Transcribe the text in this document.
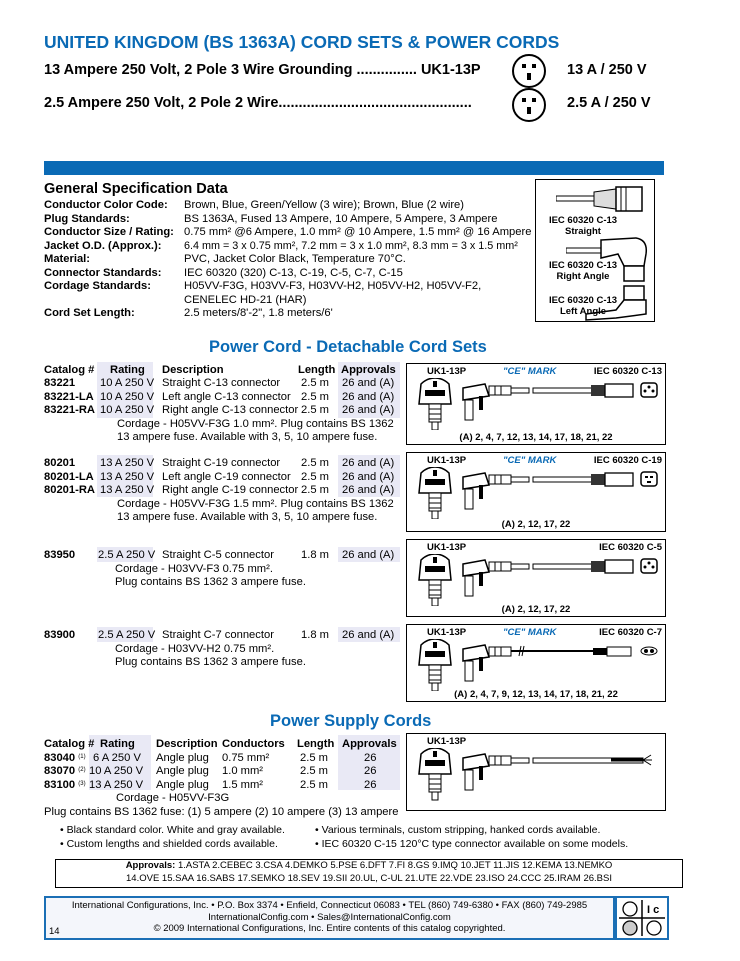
UNITED KINGDOM (BS 1363A) CORD SETS & POWER CORDS
13 Ampere 250 Volt, 2 Pole 3 Wire Grounding ............... UK1-13P	13 A / 250 V
2.5 Ampere 250 Volt, 2 Pole 2 Wire................................................	2.5 A / 250 V
General Specification Data
Conductor Color Code: Brown, Blue, Green/Yellow (3 wire); Brown, Blue (2 wire)
Plug Standards:	BS 1363A, Fused 13 Ampere, 10 Ampere, 5 Ampere, 3 Ampere
Conductor Size / Rating: 0.75 mm² @6 Ampere, 1.0 mm² @ 10 Ampere, 1.5 mm² @ 16 Ampere
Jacket O.D. (Approx.): 6.4 mm = 3 x 0.75 mm², 7.2 mm = 3 x 1.0 mm², 8.3 mm = 3 x 1.5 mm²
Material:	PVC, Jacket Color Black, Temperature 70°C.
Connector Standards: IEC 60320 (320) C-13, C-19, C-5, C-7, C-15
Cordage Standards:	H05VV-F3G, H03VV-F3, H03VV-H2, H05VV-H2, H05VV-F2,
CENELEC HD-21 (HAR)
Cord Set Length:	2.5 meters/8'-2", 1.8 meters/6'
IEC 60320 C-13
Straight
IEC 60320 C-13
Right Angle
IEC 60320 C-13
Left Angle
Power Cord - Detachable Cord Sets
Catalog # Rating Description	Length Approvals
83221 10 A 250 V Straight C-13 connector 2.5 m 26 and (A)
83221-LA 10 A 250 V Left angle C-13 connector 2.5 m 26 and (A)
83221-RA 10 A 250 V Right angle C-13 connector 2.5 m 26 and (A)
Cordage - H05VV-F3G 1.0 mm². Plug contains BS 1362
13 ampere fuse. Available with 3, 5, 10 ampere fuse.
80201 13 A 250 V Straight C-19 connector 2.5 m 26 and (A)
80201-LA 13 A 250 V Left angle C-19 connector 2.5 m 26 and (A)
80201-RA 13 A 250 V Right angle C-19 connector 2.5 m 26 and (A)
Cordage - H05VV-F3G 1.5 mm². Plug contains BS 1362
13 ampere fuse. Available with 3, 5, 10 ampere fuse.
83950 2.5 A 250 V Straight C-5 connector 1.8 m 26 and (A)
Cordage - H03VV-F3 0.75 mm².
Plug contains BS 1362 3 ampere fuse.
83900 2.5 A 250 V Straight C-7 connector 1.8 m 26 and (A)
Cordage - H03VV-H2 0.75 mm².
Plug contains BS 1362 3 ampere fuse.
UK1-13P	"CE" MARK	IEC 60320 C-13
(A) 2, 4, 7, 12, 13, 14, 17, 18, 21, 22
UK1-13P	"CE" MARK	IEC 60320 C-19
(A) 2, 12, 17, 22
UK1-13P	IEC 60320 C-5
(A) 2, 12, 17, 22
UK1-13P	"CE" MARK	IEC 60320 C-7
(A) 2, 4, 7, 9, 12, 13, 14, 17, 18, 21, 22
Power Supply Cords
Catalog # Rating Description Conductors Length Approvals
83040 $^{(1)}$ 6 A 250 V Angle plug 0.75 mm²	2.5 m	26
83070 $^{(2)}$ 10 A 250 V Angle plug 1.0 mm²	2.5 m	26
83100 $^{(3)}$ 13 A 250 V Angle plug 1.5 mm²	2.5 m	26
Cordage - H05VV-F3G
Plug contains BS 1362 fuse: (1) 5 ampere (2) 10 ampere (3) 13 ampere
UK1-13P
• Black standard color. White and gray available.	• Various terminals, custom stripping, hanked cords available.
• Custom lengths and shielded cords available.	• IEC 60320 C-15 120°C type connector available on some models.
Approvals: 1.ASTA 2.CEBEC 3.CSA 4.DEMKO 5.PSE 6.DFT 7.FI 8.GS 9.IMQ 10.JET 11.JIS 12.KEMA 13.NEMKO
14.OVE 15.SAA 16.SABS 17.SEMKO 18.SEV 19.SII 20.UL, C-UL 21.UTE 22.VDE 23.ISO 24.CCC 25.IRAM 26.BSI
International Configurations, Inc. • P.O. Box 3374 • Enfield, Connecticut 06083 • TEL (860) 749-6380 • FAX (860) 749-2985
InternationalConfig.com • Sales@InternationalConfig.com
© 2009 International Configurations, Inc. Entire contents of this catalog copyrighted.
14
I c
